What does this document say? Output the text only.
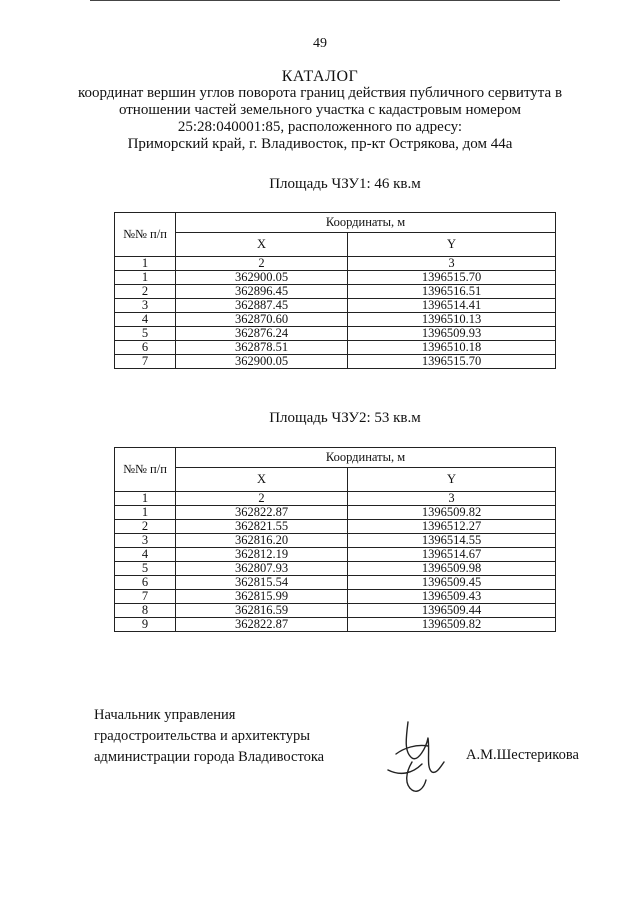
49
КАТАЛОГ
координат вершин углов поворота границ действия публичного сервитута в
отношении частей земельного участка с кадастровым номером
25:28:040001:85, расположенного по адресу:
Приморский край, г. Владивосток, пр-кт Острякова, дом 44а
Площадь ЧЗУ1: 46 кв.м
№№ п/п	Координаты, м	
	X	Y
1	2	3
1	362900.05	1396515.70
2	362896.45	1396516.51
3	362887.45	1396514.41
4	362870.60	1396510.13
5	362876.24	1396509.93
6	362878.51	1396510.18
7	362900.05	1396515.70
Площадь ЧЗУ2: 53 кв.м
№№ п/п	Координаты, м	
	X	Y
1	2	3
1	362822.87	1396509.82
2	362821.55	1396512.27
3	362816.20	1396514.55
4	362812.19	1396514.67
5	362807.93	1396509.98
6	362815.54	1396509.45
7	362815.99	1396509.43
8	362816.59	1396509.44
9	362822.87	1396509.82
Начальник управления
градостроительства и архитектуры
администрации города Владивостока	А.М.Шестерикова
